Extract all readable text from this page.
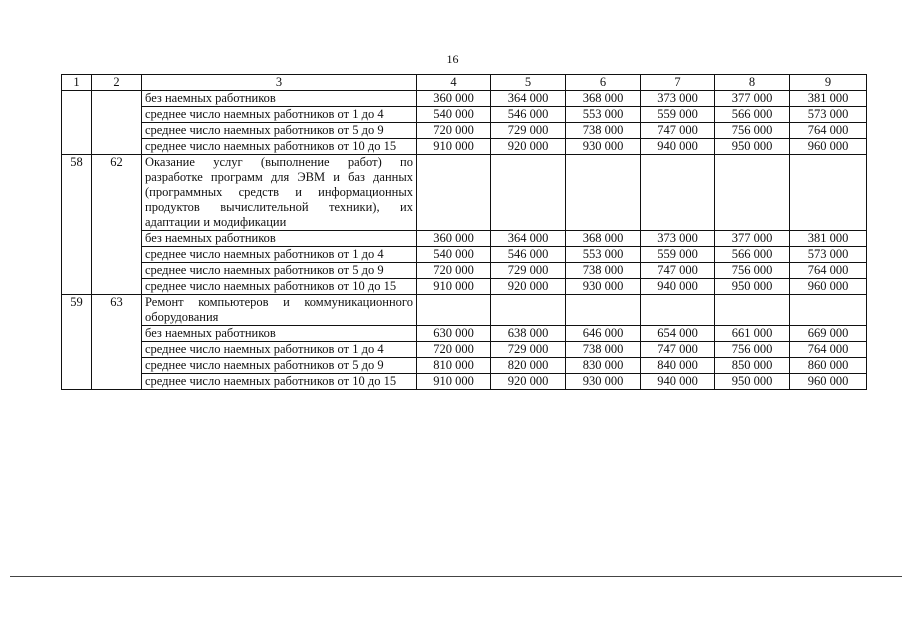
16
1	2	3	4	5	6	7	8	9
		без наемных работников	360 000	364 000	368 000	373 000	377 000	381 000
		среднее число наемных работников от 1 до 4	540 000	546 000	553 000	559 000	566 000	573 000
		среднее число наемных работников от 5 до 9	720 000	729 000	738 000	747 000	756 000	764 000
		среднее число наемных работников от 10 до 15	910 000	920 000	930 000	940 000	950 000	960 000
58	62	Оказание услуг (выполнение работ) по разработке программ для ЭВМ и баз данных (программных средств и информационных продуктов вычислительной техники), их адаптации и модификации						
		без наемных работников	360 000	364 000	368 000	373 000	377 000	381 000
		среднее число наемных работников от 1 до 4	540 000	546 000	553 000	559 000	566 000	573 000
		среднее число наемных работников от 5 до 9	720 000	729 000	738 000	747 000	756 000	764 000
		среднее число наемных работников от 10 до 15	910 000	920 000	930 000	940 000	950 000	960 000
59	63	Ремонт компьютеров и коммуникационного оборудования						
		без наемных работников	630 000	638 000	646 000	654 000	661 000	669 000
		среднее число наемных работников от 1 до 4	720 000	729 000	738 000	747 000	756 000	764 000
		среднее число наемных работников от 5 до 9	810 000	820 000	830 000	840 000	850 000	860 000
		среднее число наемных работников от 10 до 15	910 000	920 000	930 000	940 000	950 000	960 000
